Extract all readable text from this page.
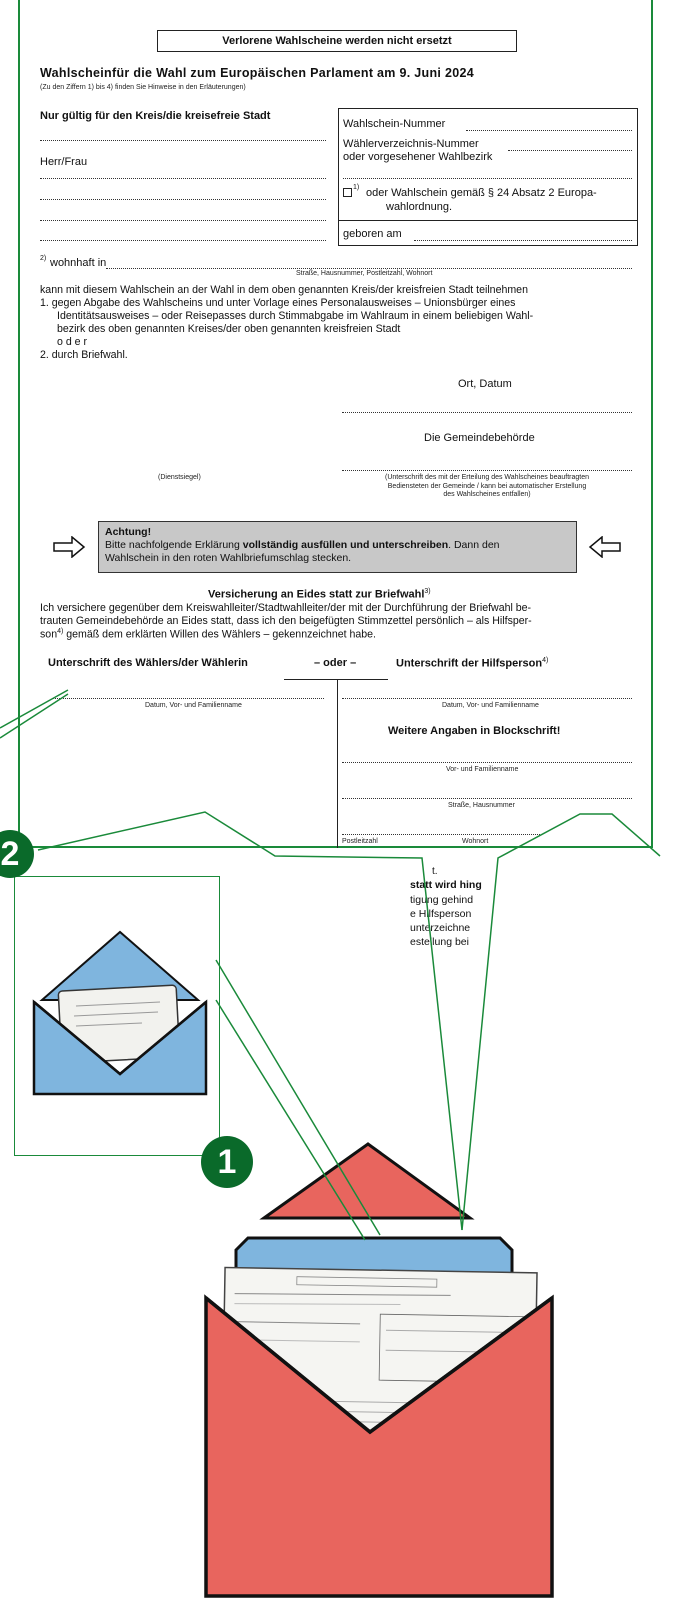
Verlorene Wahlscheine werden nicht ersetzt
Wahlscheinfür die Wahl zum Europäischen Parlament am 9. Juni 2024
(Zu den Ziffern 1) bis 4) finden Sie Hinweise in den Erläuterungen)
Nur gültig für den Kreis/die kreisefreie Stadt
Herr/Frau
Wahlschein-Nummer
Wählerverzeichnis-Nummer
oder vorgesehener Wahlbezirk
1) oder Wahlschein gemäß § 24 Absatz 2 Europa-
wahlordnung.
geboren am
2) wohnhaft in
Straße, Hausnummer, Postleitzahl, Wohnort
kann mit diesem Wahlschein an der Wahl in dem oben genannten Kreis/der kreisfreien Stadt teilnehmen
1. gegen Abgabe des Wahlscheins und unter Vorlage eines Personalausweises – Unionsbürger eines
Identitätsausweises – oder Reisepasses durch Stimmabgabe im Wahlraum in einem beliebigen Wahl-
bezirk des oben genannten Kreises/der oben genannten kreisfreien Stadt
o d e r
2. durch Briefwahl.
Ort, Datum
Die Gemeindebehörde
(Dienstsiegel)	(Unterschrift des mit der Erteilung des Wahlscheines beauftragten
Bediensteten der Gemeinde / kann bei automatischer Erstellung
des Wahlscheines entfallen)
Achtung!
Bitte nachfolgende Erklärung vollständig ausfüllen und unterschreiben. Dann den
Wahlschein in den roten Wahlbriefumschlag stecken.
Versicherung an Eides statt zur Briefwahl$^{3)}$
Ich versichere gegenüber dem Kreiswahlleiter/Stadtwahlleiter/der mit der Durchführung der Briefwahl be-
trauten Gemeindebehörde an Eides statt, dass ich den beigefügten Stimmzettel persönlich – als Hilfsper-
son$^{4)}$ gemäß dem erklärten Willen des Wählers – gekennzeichnet habe.
Unterschrift des Wählers/der Wählerin	– oder –	Unterschrift der Hilfsperson$^{4)}$
Datum, Vor- und Familienname	Datum, Vor- und Familienname
Weitere Angaben in Blockschrift!
Vor- und Familienname
Straße, Hausnummer
Postleitzahl	Wohnort
t.
statt wird hing
tigung gehind
e Hilfsperson
unterzeichne
estellung bei
2
1
